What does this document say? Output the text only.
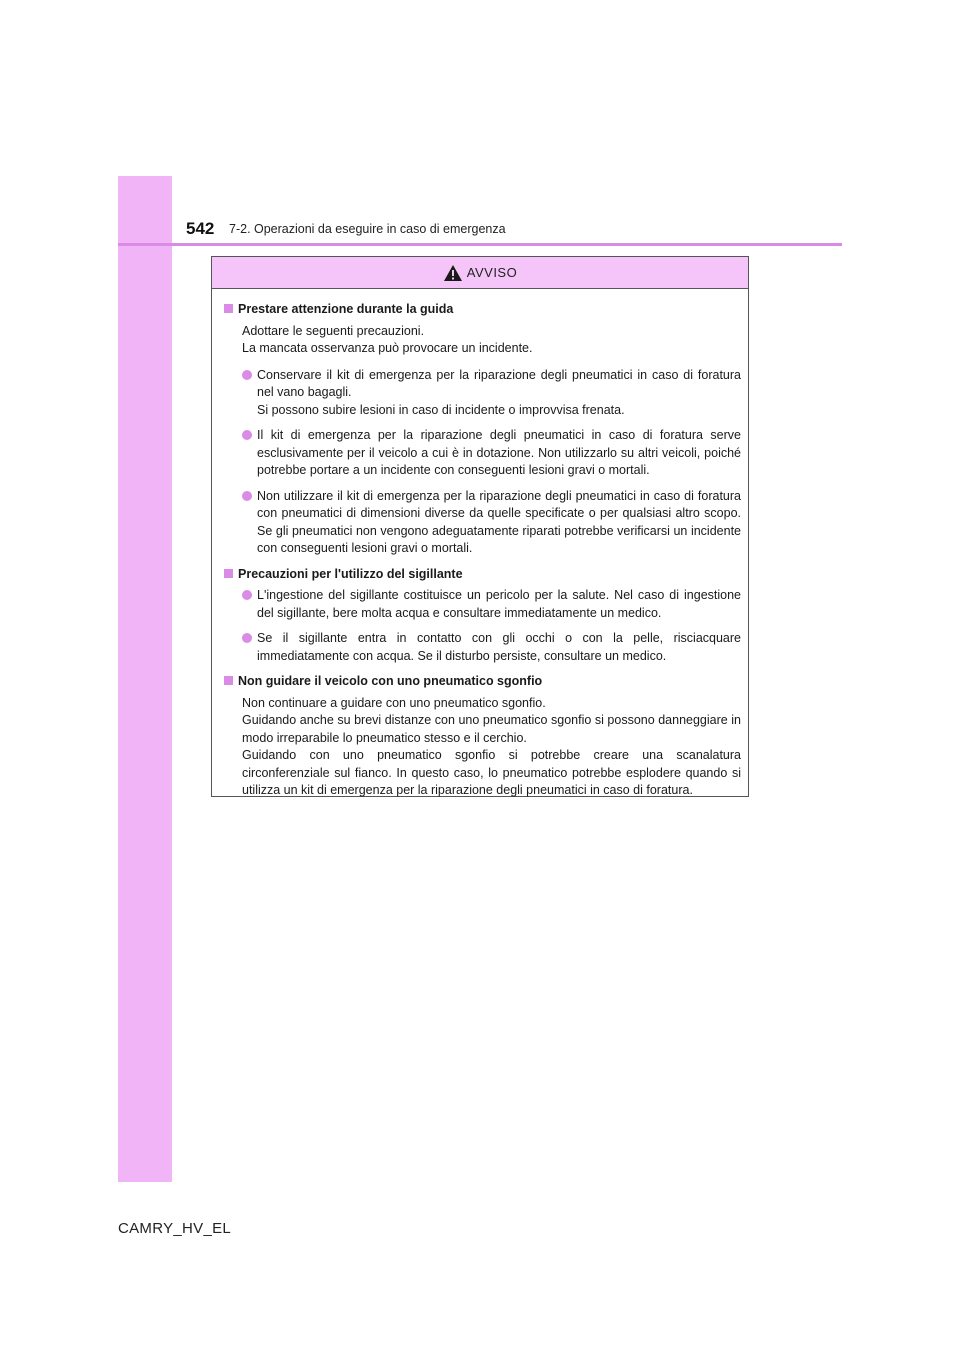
542 7-2. Operazioni da eseguire in caso di emergenza
AVVISO
Prestare attenzione durante la guida

Adottare le seguenti precauzioni.

La mancata osservanza può provocare un incidente.

Conservare il kit di emergenza per la riparazione degli pneumatici in caso di foratura nel vano bagagli.

Si possono subire lesioni in caso di incidente o improvvisa frenata.

Il kit di emergenza per la riparazione degli pneumatici in caso di foratura serve esclusivamente per il veicolo a cui è in dotazione. Non utilizzarlo su altri veicoli, poiché potrebbe portare a un incidente con conseguenti lesioni gravi o mortali.

Non utilizzare il kit di emergenza per la riparazione degli pneumatici in caso di foratura con pneumatici di dimensioni diverse da quelle specificate o per qualsiasi altro scopo. Se gli pneumatici non vengono adeguatamente riparati potrebbe verificarsi un incidente con conseguenti lesioni gravi o mortali.

Precauzioni per l'utilizzo del sigillante

L'ingestione del sigillante costituisce un pericolo per la salute. Nel caso di ingestione del sigillante, bere molta acqua e consultare immediatamente un medico.

Se il sigillante entra in contatto con gli occhi o con la pelle, risciacquare immediatamente con acqua. Se il disturbo persiste, consultare un medico.

Non guidare il veicolo con uno pneumatico sgonfio

Non continuare a guidare con uno pneumatico sgonfio.

Guidando anche su brevi distanze con uno pneumatico sgonfio si possono danneggiare in modo irreparabile lo pneumatico stesso e il cerchio.

Guidando con uno pneumatico sgonfio si potrebbe creare una scanalatura circonferenziale sul fianco. In questo caso, lo pneumatico potrebbe esplodere quando si utilizza un kit di emergenza per la riparazione degli pneumatici in caso di foratura.

CAMRY_HV_EL
